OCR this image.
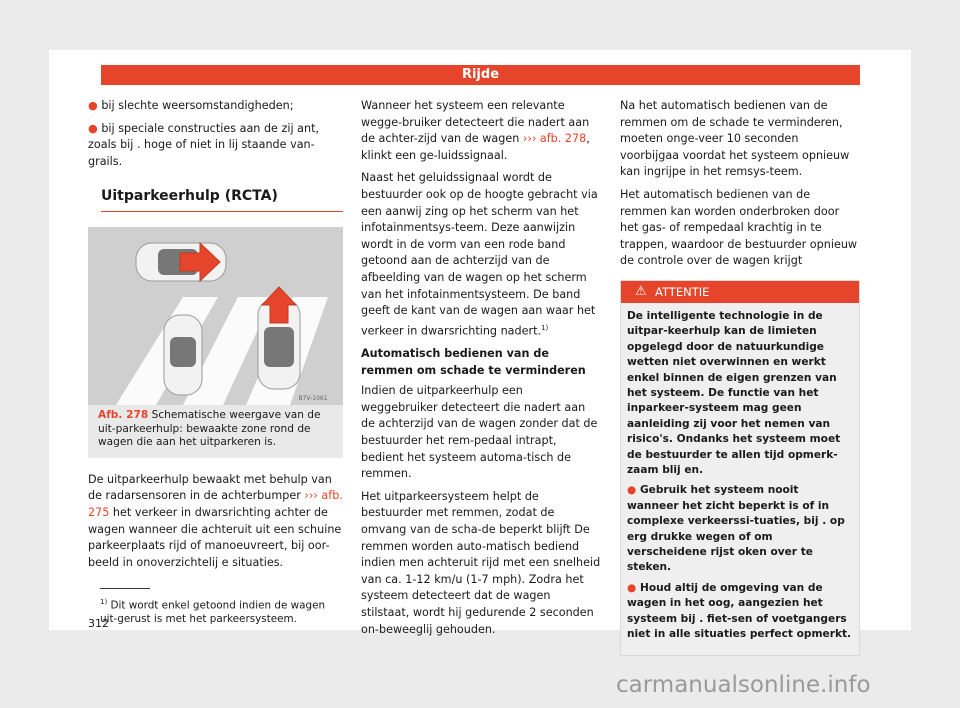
Rijde

● bij slechte weersomstandigheden;

● bij speciale constructies aan de zij ant, zoals bij . hoge of niet in lij staande van-grails.

Uitparkeerhulp (RCTA)
B7V-1061
Afb. 278 Schematische weergave van de uit-parkeerhulp: bewaakte zone rond de wagen die aan het uitparkeren is.

De uitparkeerhulp bewaakt met behulp van de radarsensoren in de achterbumper ››› afb. 275 het verkeer in dwarsrichting achter de wagen wanneer die achteruit uit een schuine parkeerplaats rijd of manoeuvreert, bij oor-beeld in onoverzichtelij e situaties.

Wanneer het systeem een relevante wegge-bruiker detecteert die nadert aan de achter-zijd van de wagen ››› afb. 278, klinkt een ge-luidssignaal.

Naast het geluidssignaal wordt de bestuurder ook op de hoogte gebracht via een aanwij zing op het scherm van het infotainmentsys-teem. Deze aanwijzin wordt in de vorm van een rode band getoond aan de achterzijd van de afbeelding van de wagen op het scherm van het infotainmentsysteem. De band geeft de kant van de wagen aan waar het verkeer in dwarsrichting nadert.$^{1)}$

Automatisch bedienen van de remmen om schade te verminderen

Indien de uitparkeerhulp een weggebruiker detecteert die nadert aan de achterzijd van de wagen zonder dat de bestuurder het rem-pedaal intrapt, bedient het systeem automa-tisch de remmen.

Het uitparkeersysteem helpt de bestuurder met remmen, zodat de omvang van de scha-de beperkt blijft De remmen worden auto-matisch bediend indien men achteruit rijd met een snelheid van ca. 1-12 km/u (1-7 mph). Zodra het systeem detecteert dat de wagen stilstaat, wordt hij gedurende 2 seconden on-beweeglij gehouden.

Na het automatisch bedienen van de remmen om de schade te verminderen, moeten onge-veer 10 seconden voorbijgaa voordat het systeem opnieuw kan ingrijpe in het remsys-teem.

Het automatisch bedienen van de remmen kan worden onderbroken door het gas- of rempedaal krachtig in te trappen, waardoor de bestuurder opnieuw de controle over de wagen krijgt

⚠ ATTENTIE

De intelligente technologie in de uitpar-keerhulp kan de limieten opgelegd door de natuurkundige wetten niet overwinnen en werkt enkel binnen de eigen grenzen van het systeem. De functie van het inparkeer-systeem mag geen aanleiding zij voor het nemen van risico's. Ondanks het systeem moet de bestuurder te allen tijd opmerk-zaam blij en.

● Gebruik het systeem nooit wanneer het zicht beperkt is of in complexe verkeerssi-tuaties, bij . op erg drukke wegen of om verscheidene rijst oken over te steken.

● Houd altij de omgeving van de wagen in het oog, aangezien het systeem bij . fiet-sen of voetgangers niet in alle situaties perfect opmerkt.

$^{1)}$ Dit wordt enkel getoond indien de wagen uit-gerust is met het parkeersysteem.
312
carmanualsonline.info
